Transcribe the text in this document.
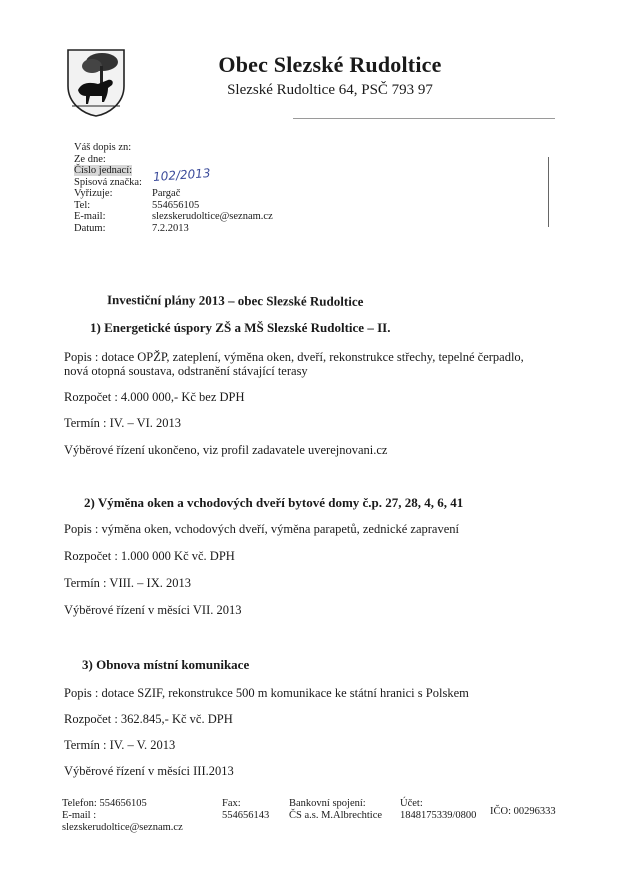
Obec Slezské Rudoltice
Slezské Rudoltice 64, PSČ 793 97
Váš dopis zn:
Ze dne:
Číslo jednací:
Spisová značka:
Vyřizuje:	Pargač
Tel:	554656105
E-mail:	slezskerudoltice@seznam.cz
Datum:	7.2.2013
102/2013
Investiční plány 2013 – obec Slezské Rudoltice
1) Energetické úspory ZŠ a MŠ Slezské Rudoltice – II.
Popis : dotace OPŽP, zateplení, výměna oken, dveří, rekonstrukce střechy, tepelné čerpadlo,
nová otopná soustava, odstranění stávající terasy
Rozpočet : 4.000 000,- Kč bez DPH
Termín : IV. – VI. 2013
Výběrové řízení ukončeno, viz profil zadavatele uverejnovani.cz
2) Výměna oken a vchodových dveří bytové domy č.p. 27, 28, 4, 6, 41
Popis : výměna oken, vchodových dveří, výměna parapetů, zednické zapravení
Rozpočet : 1.000 000 Kč vč. DPH
Termín : VIII. – IX. 2013
Výběrové řízení v měsíci VII. 2013
3) Obnova místní komunikace
Popis : dotace SZIF, rekonstrukce 500 m komunikace ke státní hranici s Polskem
Rozpočet : 362.845,- Kč vč. DPH
Termín : IV. – V. 2013
Výběrové řízení v měsíci III.2013
Telefon: 554656105
E-mail :
slezskerudoltice@seznam.cz
Fax:
554656143
Bankovní spojení:
ČS a.s. M.Albrechtice
Účet:
1848175339/0800 IČO: 00296333
